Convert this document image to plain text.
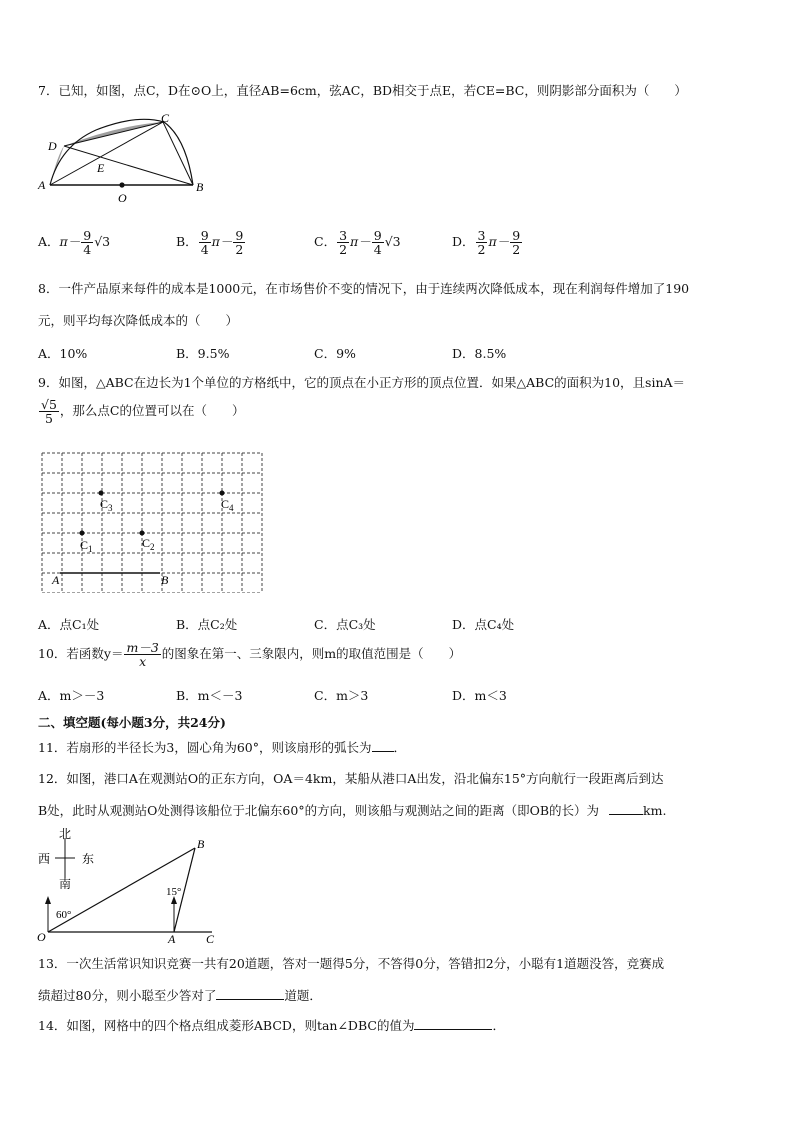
7．已知，如图，点C，D在⊙O上，直径AB=6cm，弦AC，BD相交于点E，若CE=BC，则阴影部分面积为（　　）
A	B
C
D
E
O
A．$\pi- \frac{9}{4} √3$	B． $\frac{9}{4} \pi- \frac{9}{2}$	C． $\frac{3}{2} \pi- \frac{9}{4} √3$	D． $\frac{3}{2} \pi- \frac{9}{2}$
8．一件产品原来每件的成本是1000元，在市场售价不变的情况下，由于连续两次降低成本，现在利润每件增加了190
元，则平均每次降低成本的（　　）
A．10%	B．9.5%	C．9%	D．8.5%
9．如图，△ABC在边长为1个单位的方格纸中，它的顶点在小正方形的顶点位置．如果△ABC的面积为10，且sinA＝
$\frac{√5}{5}$ ，那么点C的位置可以在（　　）
A	B
$C_1$	$C_2$
$C_3$	$C_4$
A．点C₁处	B．点C₂处	C．点C₃处	D．点C₄处
10．若函数$y= \frac{m-3}{x}$ 的图象在第一、三象限内，则m的取值范围是（　　）
A．m＞－3	B．m＜－3	C．m＞3	D．m＜3
二、填空题(每小题3分，共24分)
11．若扇形的半径长为3，圆心角为60°，则该扇形的弧长为 ．
12．如图，港口A在观测站O的正东方向，OA＝4km，某船从港口A出发，沿北偏东15°方向航行一段距离后到达
B处，此时从观测站O处测得该船位于北偏东60°的方向，则该船与观测站之间的距离（即OB的长）为	km.
北
南
西	东
60°
15°
O	A
B
C
13．一次生活常识知识竞赛一共有20道题，答对一题得5分，不答得0分，答错扣2分，小聪有1道题没答，竞赛成
绩超过80分，则小聪至少答对了	道题．
14．如图，网格中的四个格点组成菱形ABCD，则tan∠DBC的值为	．
